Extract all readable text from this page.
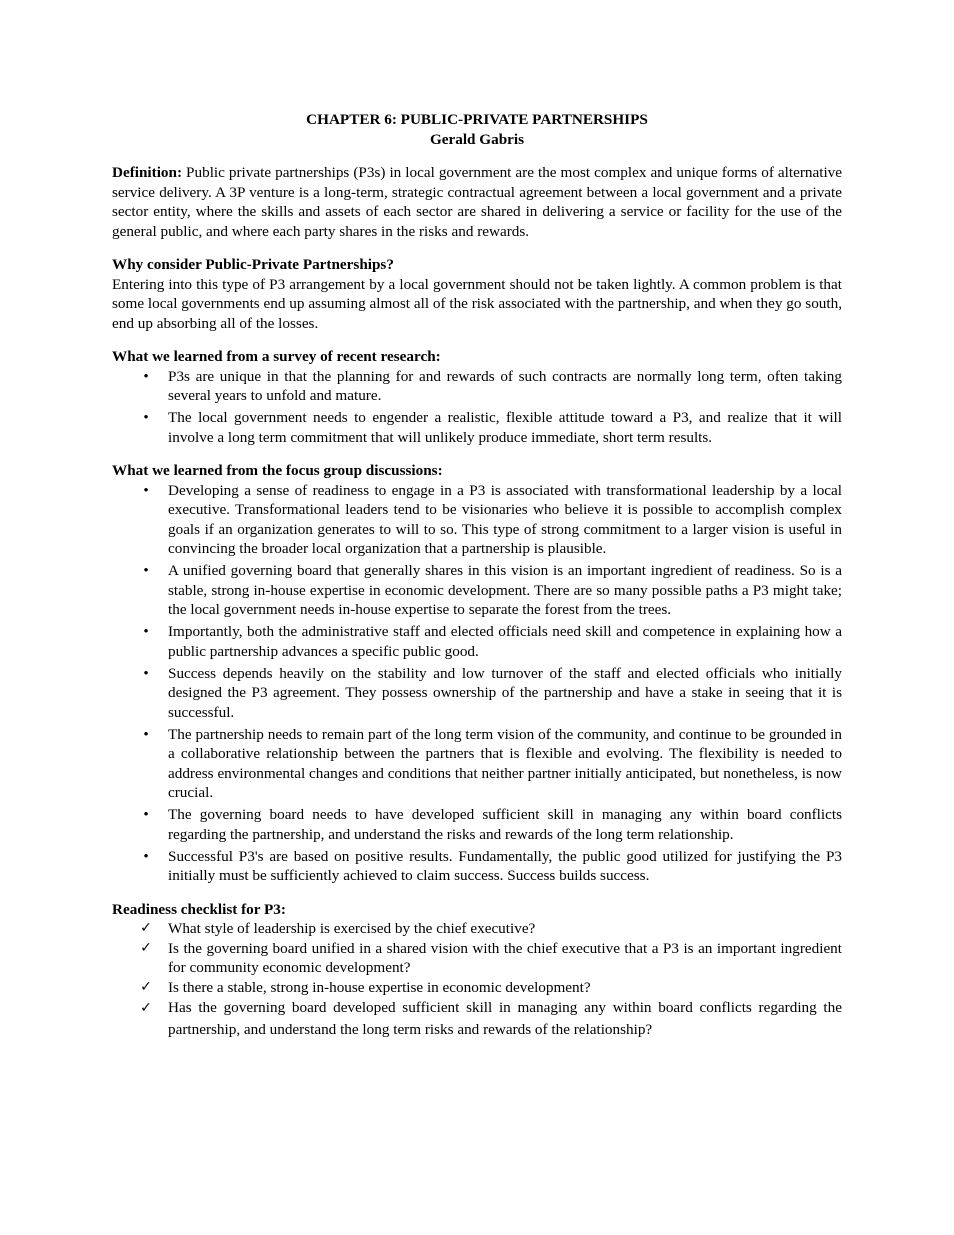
CHAPTER 6: PUBLIC-PRIVATE PARTNERSHIPS

Gerald Gabris

Definition: Public private partnerships (P3s) in local government are the most complex and unique forms of alternative service delivery. A 3P venture is a long-term, strategic contractual agreement between a local government and a private sector entity, where the skills and assets of each sector are shared in delivering a service or facility for the use of the general public, and where each party shares in the risks and rewards.

Why consider Public-Private Partnerships?

Entering into this type of P3 arrangement by a local government should not be taken lightly. A common problem is that some local governments end up assuming almost all of the risk associated with the partnership, and when they go south, end up absorbing all of the losses.

What we learned from a survey of recent research:

• P3s are unique in that the planning for and rewards of such contracts are normally long term, often taking several years to unfold and mature.
• The local government needs to engender a realistic, flexible attitude toward a P3, and realize that it will involve a long term commitment that will unlikely produce immediate, short term results.

What we learned from the focus group discussions:

• Developing a sense of readiness to engage in a P3 is associated with transformational leadership by a local executive. Transformational leaders tend to be visionaries who believe it is possible to accomplish complex goals if an organization generates to will to so. This type of strong commitment to a larger vision is useful in convincing the broader local organization that a partnership is plausible.
• A unified governing board that generally shares in this vision is an important ingredient of readiness. So is a stable, strong in-house expertise in economic development. There are so many possible paths a P3 might take; the local government needs in-house expertise to separate the forest from the trees.
• Importantly, both the administrative staff and elected officials need skill and competence in explaining how a public partnership advances a specific public good.
• Success depends heavily on the stability and low turnover of the staff and elected officials who initially designed the P3 agreement. They possess ownership of the partnership and have a stake in seeing that it is successful.
• The partnership needs to remain part of the long term vision of the community, and continue to be grounded in a collaborative relationship between the partners that is flexible and evolving. The flexibility is needed to address environmental changes and conditions that neither partner initially anticipated, but nonetheless, is now crucial.
• The governing board needs to have developed sufficient skill in managing any within board conflicts regarding the partnership, and understand the risks and rewards of the long term relationship.
• Successful P3's are based on positive results. Fundamentally, the public good utilized for justifying the P3 initially must be sufficiently achieved to claim success. Success builds success.

Readiness checklist for P3:

✓ What style of leadership is exercised by the chief executive?
✓ Is the governing board unified in a shared vision with the chief executive that a P3 is an important ingredient for community economic development?
✓ Is there a stable, strong in-house expertise in economic development?
✓ Has the governing board developed sufficient skill in managing any within board conflicts regarding the partnership, and understand the long term risks and rewards of the relationship?
